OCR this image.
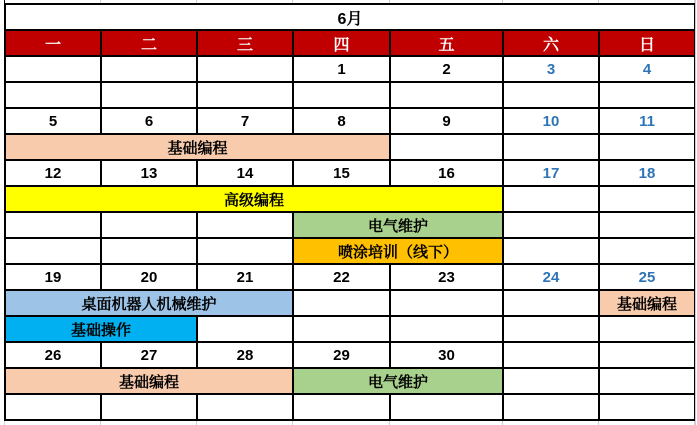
6月						
一	二	三	四	五	六	日
			1	2	3	4

5	6	7	8	9	10	11
基础编程						
12	13	14	15	16	17	18
高级编程						
			电气维护			
			喷涂培训（线下）			
19	20	21	22	23	24	25
桌面机器人机械维护						基础编程
基础操作						
26	27	28	29	30		
基础编程			电气维护			
